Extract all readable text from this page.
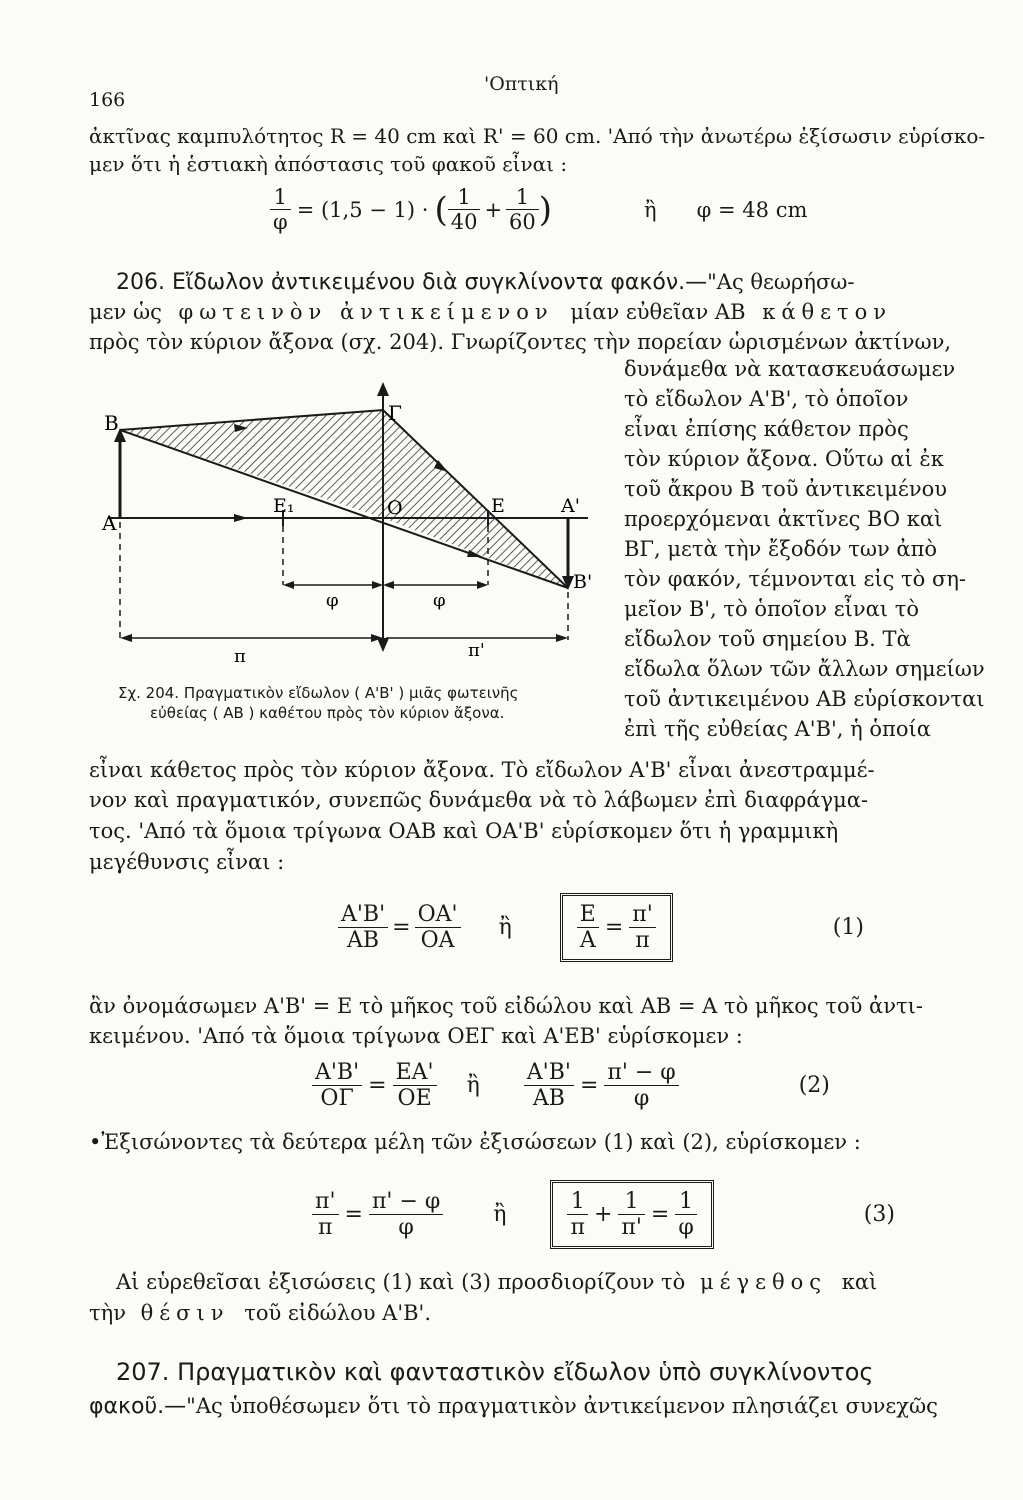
166
'Οπτική
ἀκτῖνας καμπυλότητος R = 40 cm καὶ R' = 60 cm. 'Από τὴν ἀνωτέρω ἐξίσωσιν εὑρίσκο-
μεν ὅτι ἡ ἑστιακὴ ἀπόστασις τοῦ φακοῦ εἶναι :
$\frac{1}{\varphi} = (1,5 - 1)$ · ( $\frac{1}{40} + \frac{1}{60}$ )	ἢ φ = 48 cm
206. Εἴδωλον ἀντικειμένου διὰ συγκλίνοντα φακόν.—"Ας θεωρήσω-
μεν ὡς φωτεινὸν ἀντικείμενον μίαν εὐθεῖαν AB κάθετον
πρὸς τὸν κύριον ἄξονα (σχ. 204). Γνωρίζοντες τὴν πορείαν ὡρισμένων ἀκτίνων,
δυνάμεθα νὰ κατασκευάσωμεν
τὸ εἴδωλον A'B', τὸ ὁποῖον
εἶναι ἐπίσης κάθετον πρὸς
τὸν κύριον ἄξονα. Οὕτω αἱ ἐκ
τοῦ ἄκρου B τοῦ ἀντικειμένου
προερχόμεναι ἀκτῖνες BO καὶ
BΓ, μετὰ τὴν ἔξοδόν των ἀπὸ
τὸν φακόν, τέμνονται εἰς τὸ ση-
μεῖον B', τὸ ὁποῖον εἶναι τὸ
εἴδωλον τοῦ σημείου B. Τὰ
εἴδωλα ὅλων τῶν ἄλλων σημείων
τοῦ ἀντικειμένου AB εὑρίσκονται
ἐπὶ τῆς εὐθείας A'B', ἡ ὁποία
B
A
Γ
O
E₁	E	A'
B'
φ	φ
π	π'
Σχ. 204. Πραγματικὸν εἴδωλον ( A'B' ) μιᾶς φωτεινῆς
εὐθείας ( AB ) καθέτου πρὸς τὸν κύριον ἄξονα.
εἶναι κάθετος πρὸς τὸν κύριον ἄξονα. Τὸ εἴδωλον A'B' εἶναι ἀνεστραμμέ-
νον καὶ πραγματικόν, συνεπῶς δυνάμεθα νὰ τὸ λάβωμεν ἐπὶ διαφράγμα-
τος. 'Από τὰ ὅμοια τρίγωνα OAB καὶ OA'B' εὑρίσκομεν ὅτι ἡ γραμμικὴ
μεγέθυνσις εἶναι :
$\frac{A'B'}{AB} = \frac{OA'}{OA}$ ἢ	$\frac{E}{A} = \frac{\pi'}{\pi}$	(1)
ἂν ὀνομάσωμεν A'B' = E τὸ μῆκος τοῦ εἰδώλου καὶ AB = A τὸ μῆκος τοῦ ἀντι-
κειμένου. 'Από τὰ ὅμοια τρίγωνα OEΓ καὶ A'EB' εὑρίσκομεν :
$\frac{A'B'}{O\Gamma} = \frac{EA'}{OE}$ ἢ $\frac{A'B'}{AB} = \frac{\pi' - \varphi}{\varphi}$	(2)
•Ἐξισώνοντες τὰ δεύτερα μέλη τῶν ἐξισώσεων (1) καὶ (2), εὑρίσκομεν :
$\frac{\pi'}{\pi} = \frac{\pi' - \varphi}{\varphi}$ ἢ	$\frac{1}{\pi} + \frac{1}{\pi'} = \frac{1}{\varphi}$	(3)
Αἱ εὑρεθεῖσαι ἐξισώσεις (1) καὶ (3) προσδιορίζουν τὸ μέγεθος καὶ
τὴν θέσιν τοῦ εἰδώλου A'B'.
207. Πραγματικὸν καὶ φανταστικὸν εἴδωλον ὑπὸ συγκλίνοντος
φακοῦ.—"Ας ὑποθέσωμεν ὅτι τὸ πραγματικὸν ἀντικείμενον πλησιάζει συνεχῶς
